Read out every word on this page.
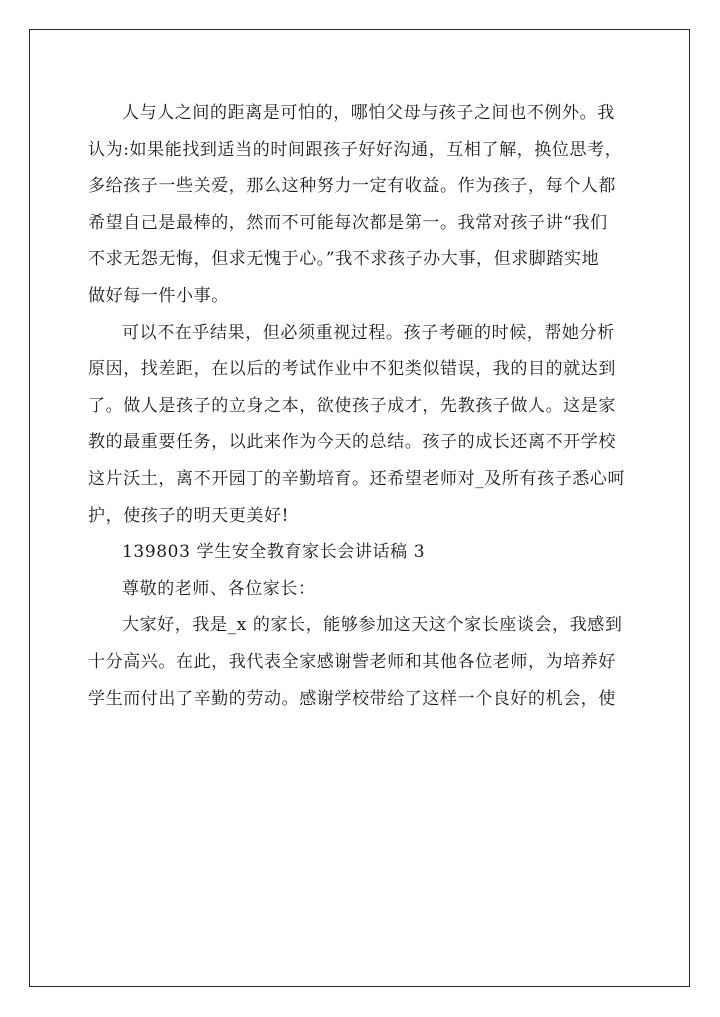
人与人之间的距离是可怕的，哪怕父母与孩子之间也不例外。我
认为:如果能找到适当的时间跟孩子好好沟通，互相了解，换位思考，
多给孩子一些关爱，那么这种努力一定有收益。作为孩子，每个人都
希望自己是最棒的，然而不可能每次都是第一。我常对孩子讲“我们
不求无怨无悔，但求无愧于心。”我不求孩子办大事，但求脚踏实地
做好每一件小事。

可以不在乎结果，但必须重视过程。孩子考砸的时候，帮她分析
原因，找差距，在以后的考试作业中不犯类似错误，我的目的就达到
了。做人是孩子的立身之本，欲使孩子成才，先教孩子做人。这是家
教的最重要任务，以此来作为今天的总结。孩子的成长还离不开学校
这片沃土，离不开园丁的辛勤培育。还希望老师对_及所有孩子悉心呵
护，使孩子的明天更美好!

139803 学生安全教育家长会讲话稿 3

尊敬的老师、各位家长：

大家好，我是_x 的家长，能够参加这天这个家长座谈会，我感到
十分高兴。在此，我代表全家感谢訾老师和其他各位老师，为培养好
学生而付出了辛勤的劳动。感谢学校带给了这样一个良好的机会，使
